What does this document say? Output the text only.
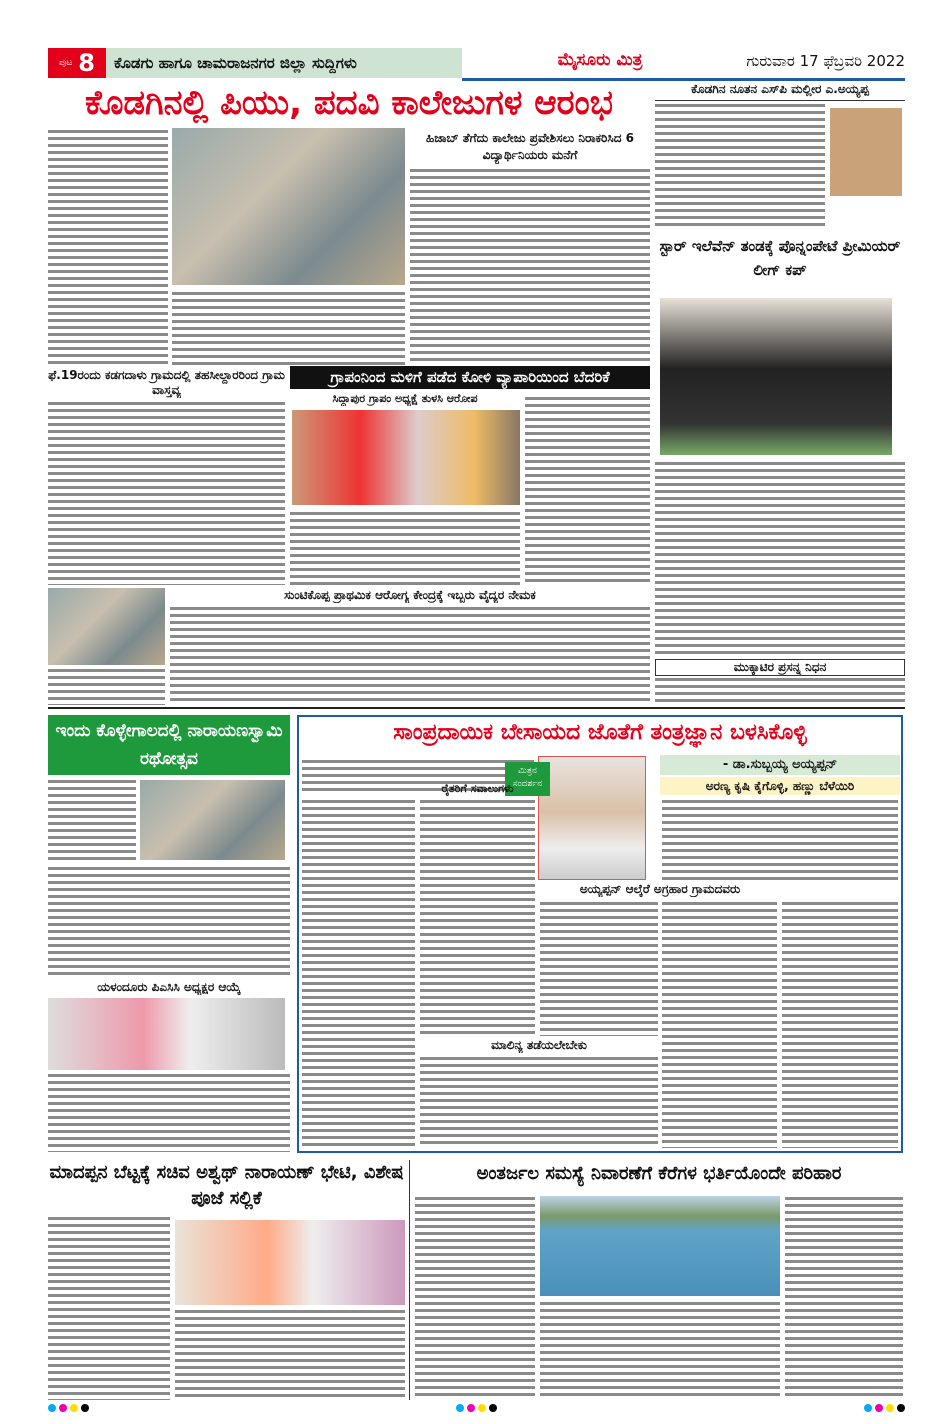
ಪುಟ 8	ಕೊಡಗು ಹಾಗೂ ಚಾಮರಾಜನಗರ ಜಿಲ್ಲಾ ಸುದ್ದಿಗಳು	ಮೈಸೂರು ಮಿತ್ರ	ಗುರುವಾರ 17 ಫೆಬ್ರವರಿ 2022
ಕೊಡಗಿನಲ್ಲಿ ಪಿಯು, ಪದವಿ ಕಾಲೇಜುಗಳ ಆರಂಭ
ಹಿಜಾಬ್ ತೆಗೆದು ಕಾಲೇಜು ಪ್ರವೇಶಿಸಲು ನಿರಾಕರಿಸಿದ 6 ವಿದ್ಯಾರ್ಥಿನಿಯರು ಮನೆಗೆ
ಕೊಡಗಿನ ನೂತನ ಎಸ್‌ಪಿ ಮಲ್ಲೀರ ಎ.ಅಯ್ಯಪ್ಪ
ಸ್ಟಾರ್ ಇಲೆವೆನ್ ತಂಡಕ್ಕೆ ಪೊನ್ನಂಪೇಟೆ ಪ್ರೀಮಿಯರ್ ಲೀಗ್ ಕಪ್
ಮುಕ್ಕಾಟಿರ ಪ್ರಸನ್ನ ನಿಧನ
ಫೆ.19ರಂದು ಕಡಗದಾಳು ಗ್ರಾಮದಲ್ಲಿ ತಹಸೀಲ್ದಾರರಿಂದ ಗ್ರಾಮ ವಾಸ್ತವ್ಯ
ಗ್ರಾಪಂನಿಂದ ಮಳಿಗೆ ಪಡೆದ ಕೋಳಿ ವ್ಯಾಪಾರಿಯಿಂದ ಬೆದರಿಕೆ
ಸಿದ್ದಾಪುರ ಗ್ರಾಪಂ ಅಧ್ಯಕ್ಷೆ ತುಳಸಿ ಆರೋಪ
ಸುಂಟಿಕೊಪ್ಪ ಪ್ರಾಥಮಿಕ ಆರೋಗ್ಯ ಕೇಂದ್ರಕ್ಕೆ ಇಬ್ಬರು ವೈದ್ಯರ ನೇಮಕ
ಇಂದು ಕೊಳ್ಳೇಗಾಲದಲ್ಲಿ ನಾರಾಯಣಸ್ವಾಮಿ ರಥೋತ್ಸವ
ಯಳಂದೂರು ಪಿಎಸಿಸಿ ಅಧ್ಯಕ್ಷರ ಆಯ್ಕೆ
ಸಾಂಪ್ರದಾಯಿಕ ಬೇಸಾಯದ ಜೊತೆಗೆ ತಂತ್ರಜ್ಞಾನ ಬಳಸಿಕೊಳ್ಳಿ
ಮಿತ್ರನ ಸಂದರ್ಶನ
- ಡಾ.ಸುಬ್ಬಯ್ಯ ಅಯ್ಯಪ್ಪನ್
ಅರಣ್ಯ ಕೃಷಿ ಕೈಗೊಳ್ಳಿ, ಹಣ್ಣು ಬೆಳೆಯಿರಿ
ಅಯ್ಯಪ್ಪನ್ ಆಲ್ಕೆರೆ ಅಗ್ರಹಾರ ಗ್ರಾಮದವರು
ರೈತರಿಗೆ ಸವಾಲುಗಳು
ಮಾಲಿನ್ಯ ತಡೆಯಲೇಬೇಕು
ಮಾದಪ್ಪನ ಬೆಟ್ಟಕ್ಕೆ ಸಚಿವ ಅಶ್ವಥ್ ನಾರಾಯಣ್ ಭೇಟಿ, ವಿಶೇಷ ಪೂಜೆ ಸಲ್ಲಿಕೆ
ಅಂತರ್ಜಲ ಸಮಸ್ಯೆ ನಿವಾರಣೆಗೆ ಕೆರೆಗಳ ಭರ್ತಿಯೊಂದೇ ಪರಿಹಾರ
